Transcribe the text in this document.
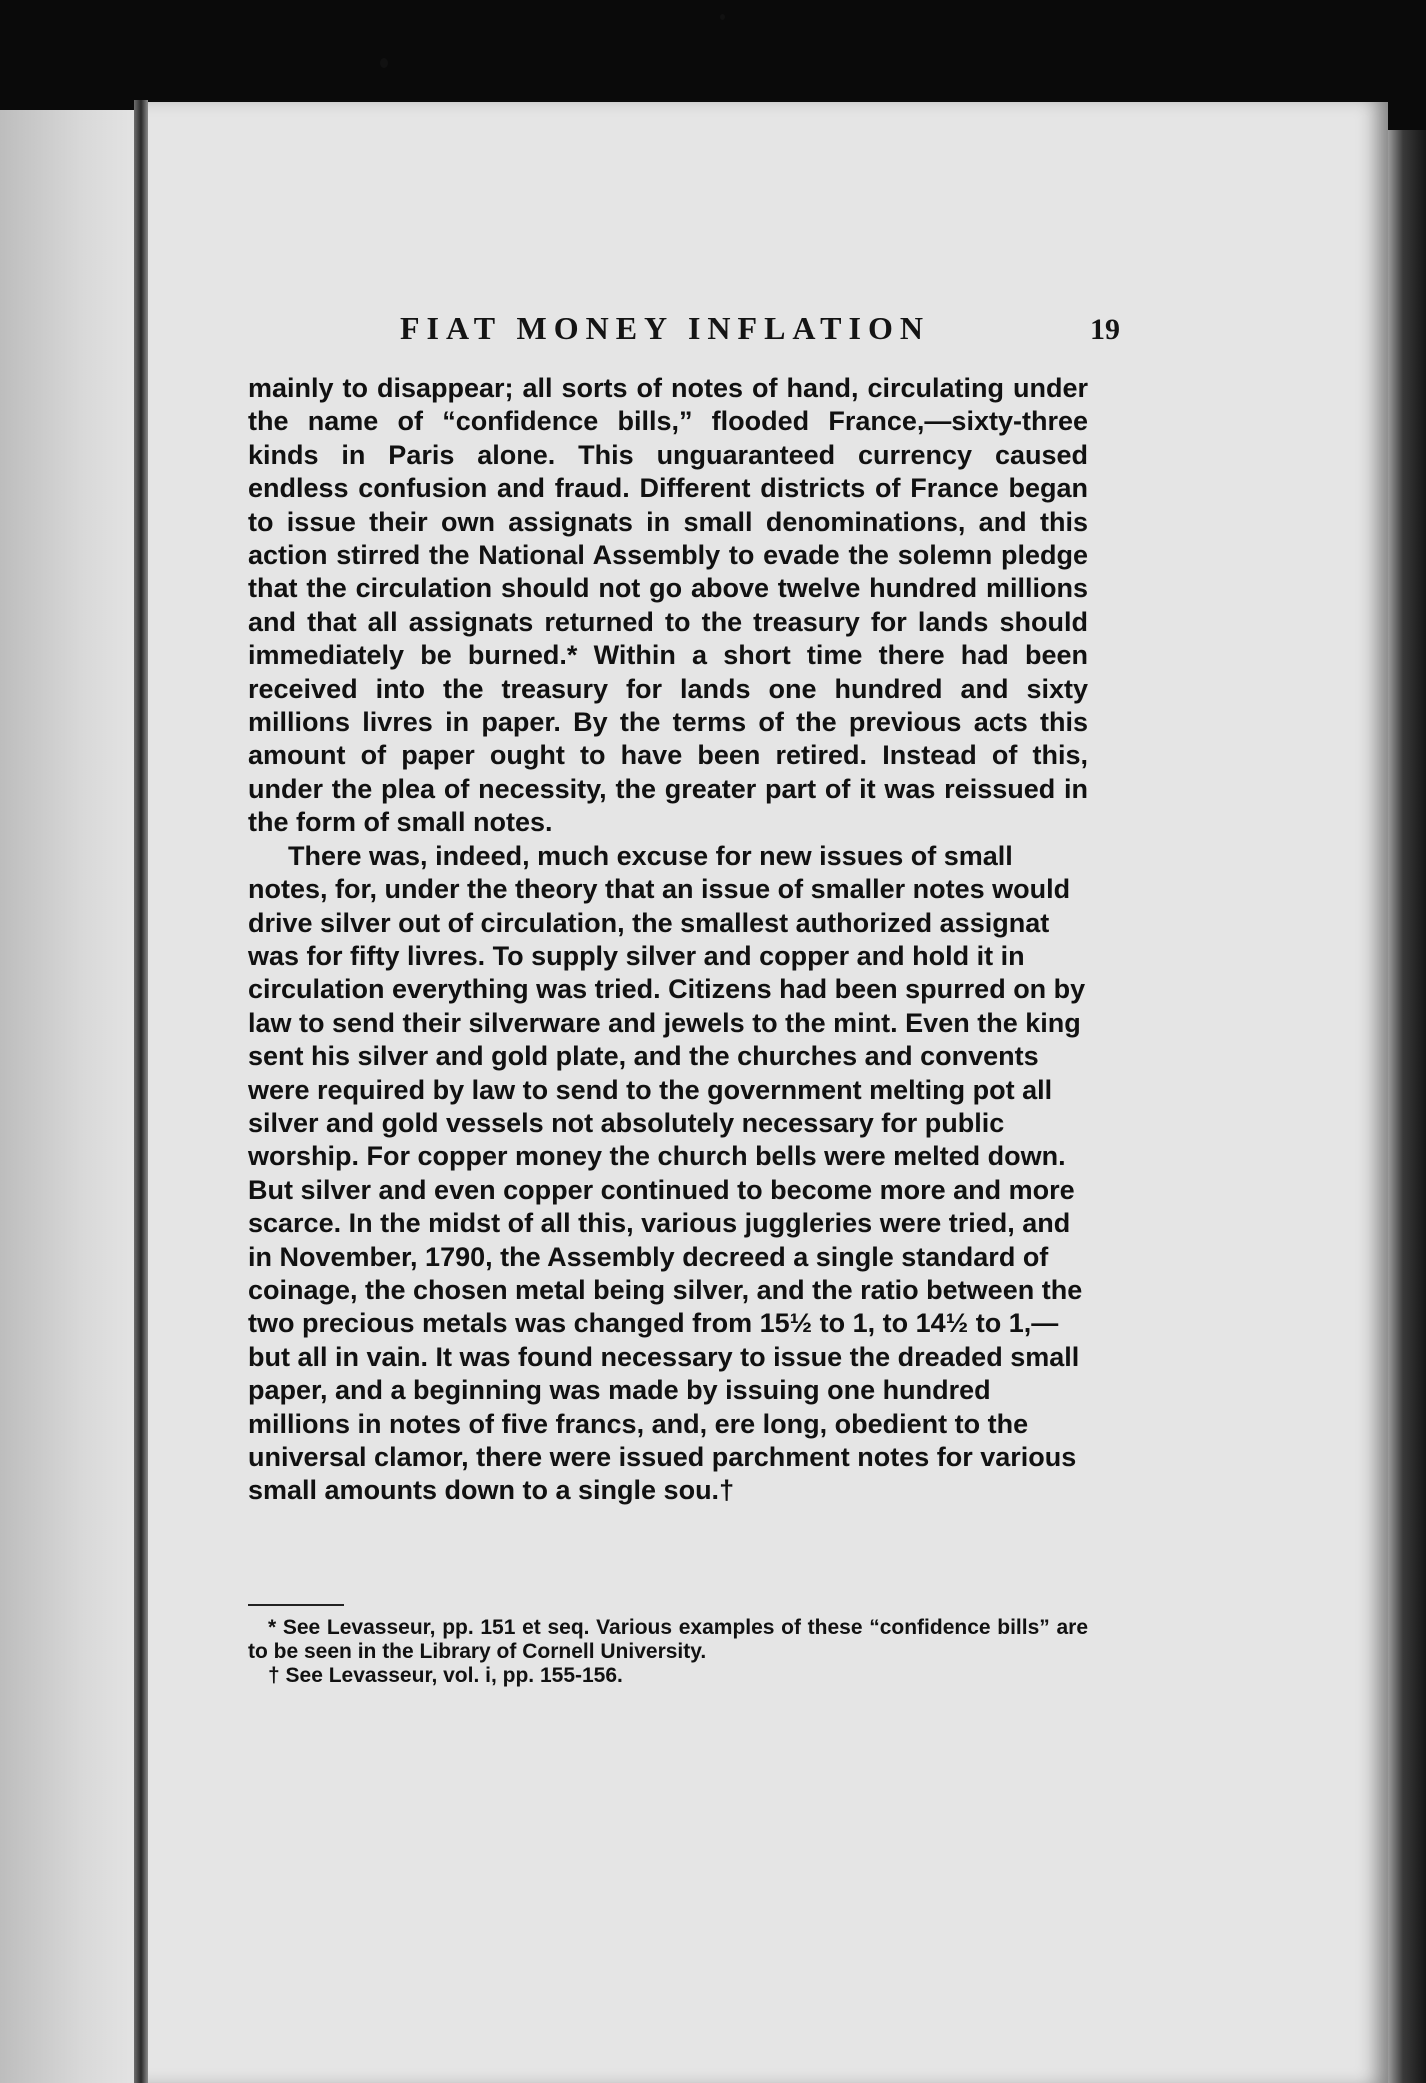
FIAT MONEY INFLATION	19

mainly to disappear; all sorts of notes of hand, circulating under the name of “confidence bills,” flooded France,—sixty-three kinds in Paris alone. This unguaranteed currency caused endless confusion and fraud. Different districts of France began to issue their own assignats in small denominations, and this action stirred the National Assembly to evade the solemn pledge that the circulation should not go above twelve hundred millions and that all assignats returned to the treasury for lands should immediately be burned.* Within a short time there had been received into the treasury for lands one hundred and sixty millions livres in paper. By the terms of the previous acts this amount of paper ought to have been retired. Instead of this, under the plea of necessity, the greater part of it was reissued in the form of small notes.

There was, indeed, much excuse for new issues of small notes, for, under the theory that an issue of smaller notes would drive silver out of circulation, the smallest authorized assignat was for fifty livres. To supply silver and copper and hold it in circulation everything was tried. Citizens had been spurred on by law to send their silverware and jewels to the mint. Even the king sent his silver and gold plate, and the churches and convents were required by law to send to the government melting pot all silver and gold vessels not absolutely necessary for public worship. For copper money the church bells were melted down. But silver and even copper continued to become more and more scarce. In the midst of all this, various juggleries were tried, and in November, 1790, the Assembly decreed a single standard of coinage, the chosen metal being silver, and the ratio between the two precious metals was changed from 15½ to 1, to 14½ to 1,—but all in vain. It was found necessary to issue the dreaded small paper, and a beginning was made by issuing one hundred millions in notes of five francs, and, ere long, obedient to the universal clamor, there were issued parchment notes for various small amounts down to a single sou.†

* See Levasseur, pp. 151 et seq. Various examples of these “confidence bills” are to be seen in the Library of Cornell University.

† See Levasseur, vol. i, pp. 155-156.
